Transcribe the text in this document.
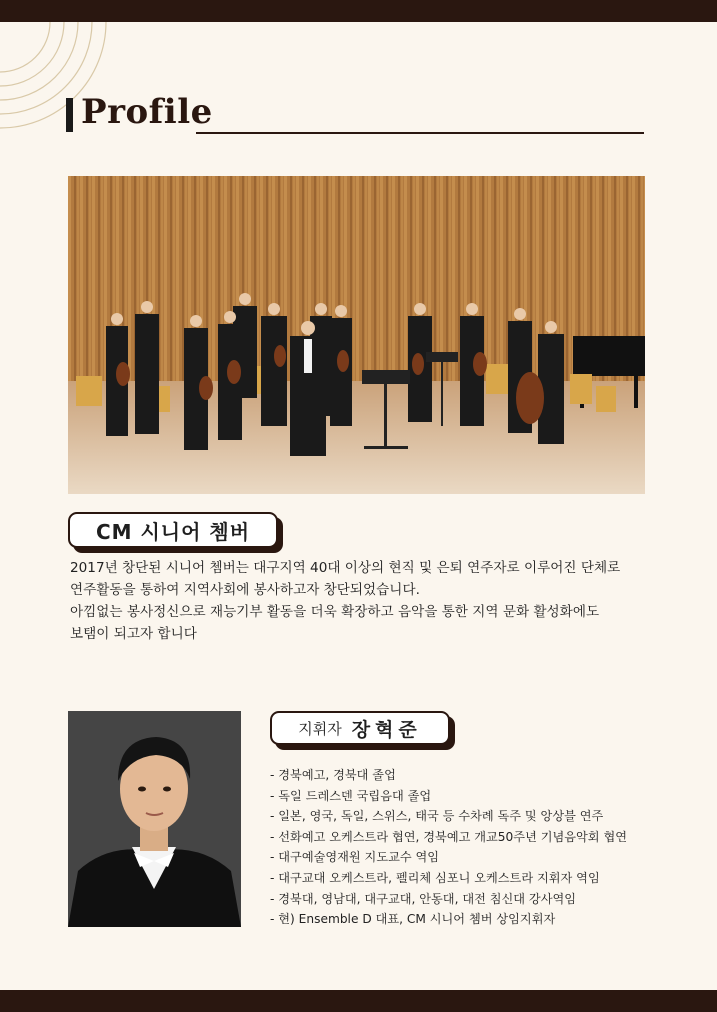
Profile
CM 시니어 쳄버
2017년 창단된 시니어 쳄버는 대구지역 40대 이상의 현직 및 은퇴 연주자로 이루어진 단체로
연주활동을 통하여 지역사회에 봉사하고자 창단되었습니다.
아낌없는 봉사정신으로 재능기부 활동을 더욱 확장하고 음악을 통한 지역 문화 활성화에도
보탬이 되고자 합니다
지휘자 장혁준
- 경북예고, 경북대 졸업
- 독일 드레스덴 국립음대 졸업
- 일본, 영국, 독일, 스위스, 태국 등 수차례 독주 및 앙상블 연주
- 선화예고 오케스트라 협연, 경북예고 개교50주년 기념음악회 협연
- 대구예술영재원 지도교수 역임
- 대구교대 오케스트라, 펠리체 심포니 오케스트라 지휘자 역임
- 경북대, 영남대, 대구교대, 안동대, 대전 침신대 강사역임
- 현) Ensemble D 대표, CM 시니어 쳄버 상임지휘자
